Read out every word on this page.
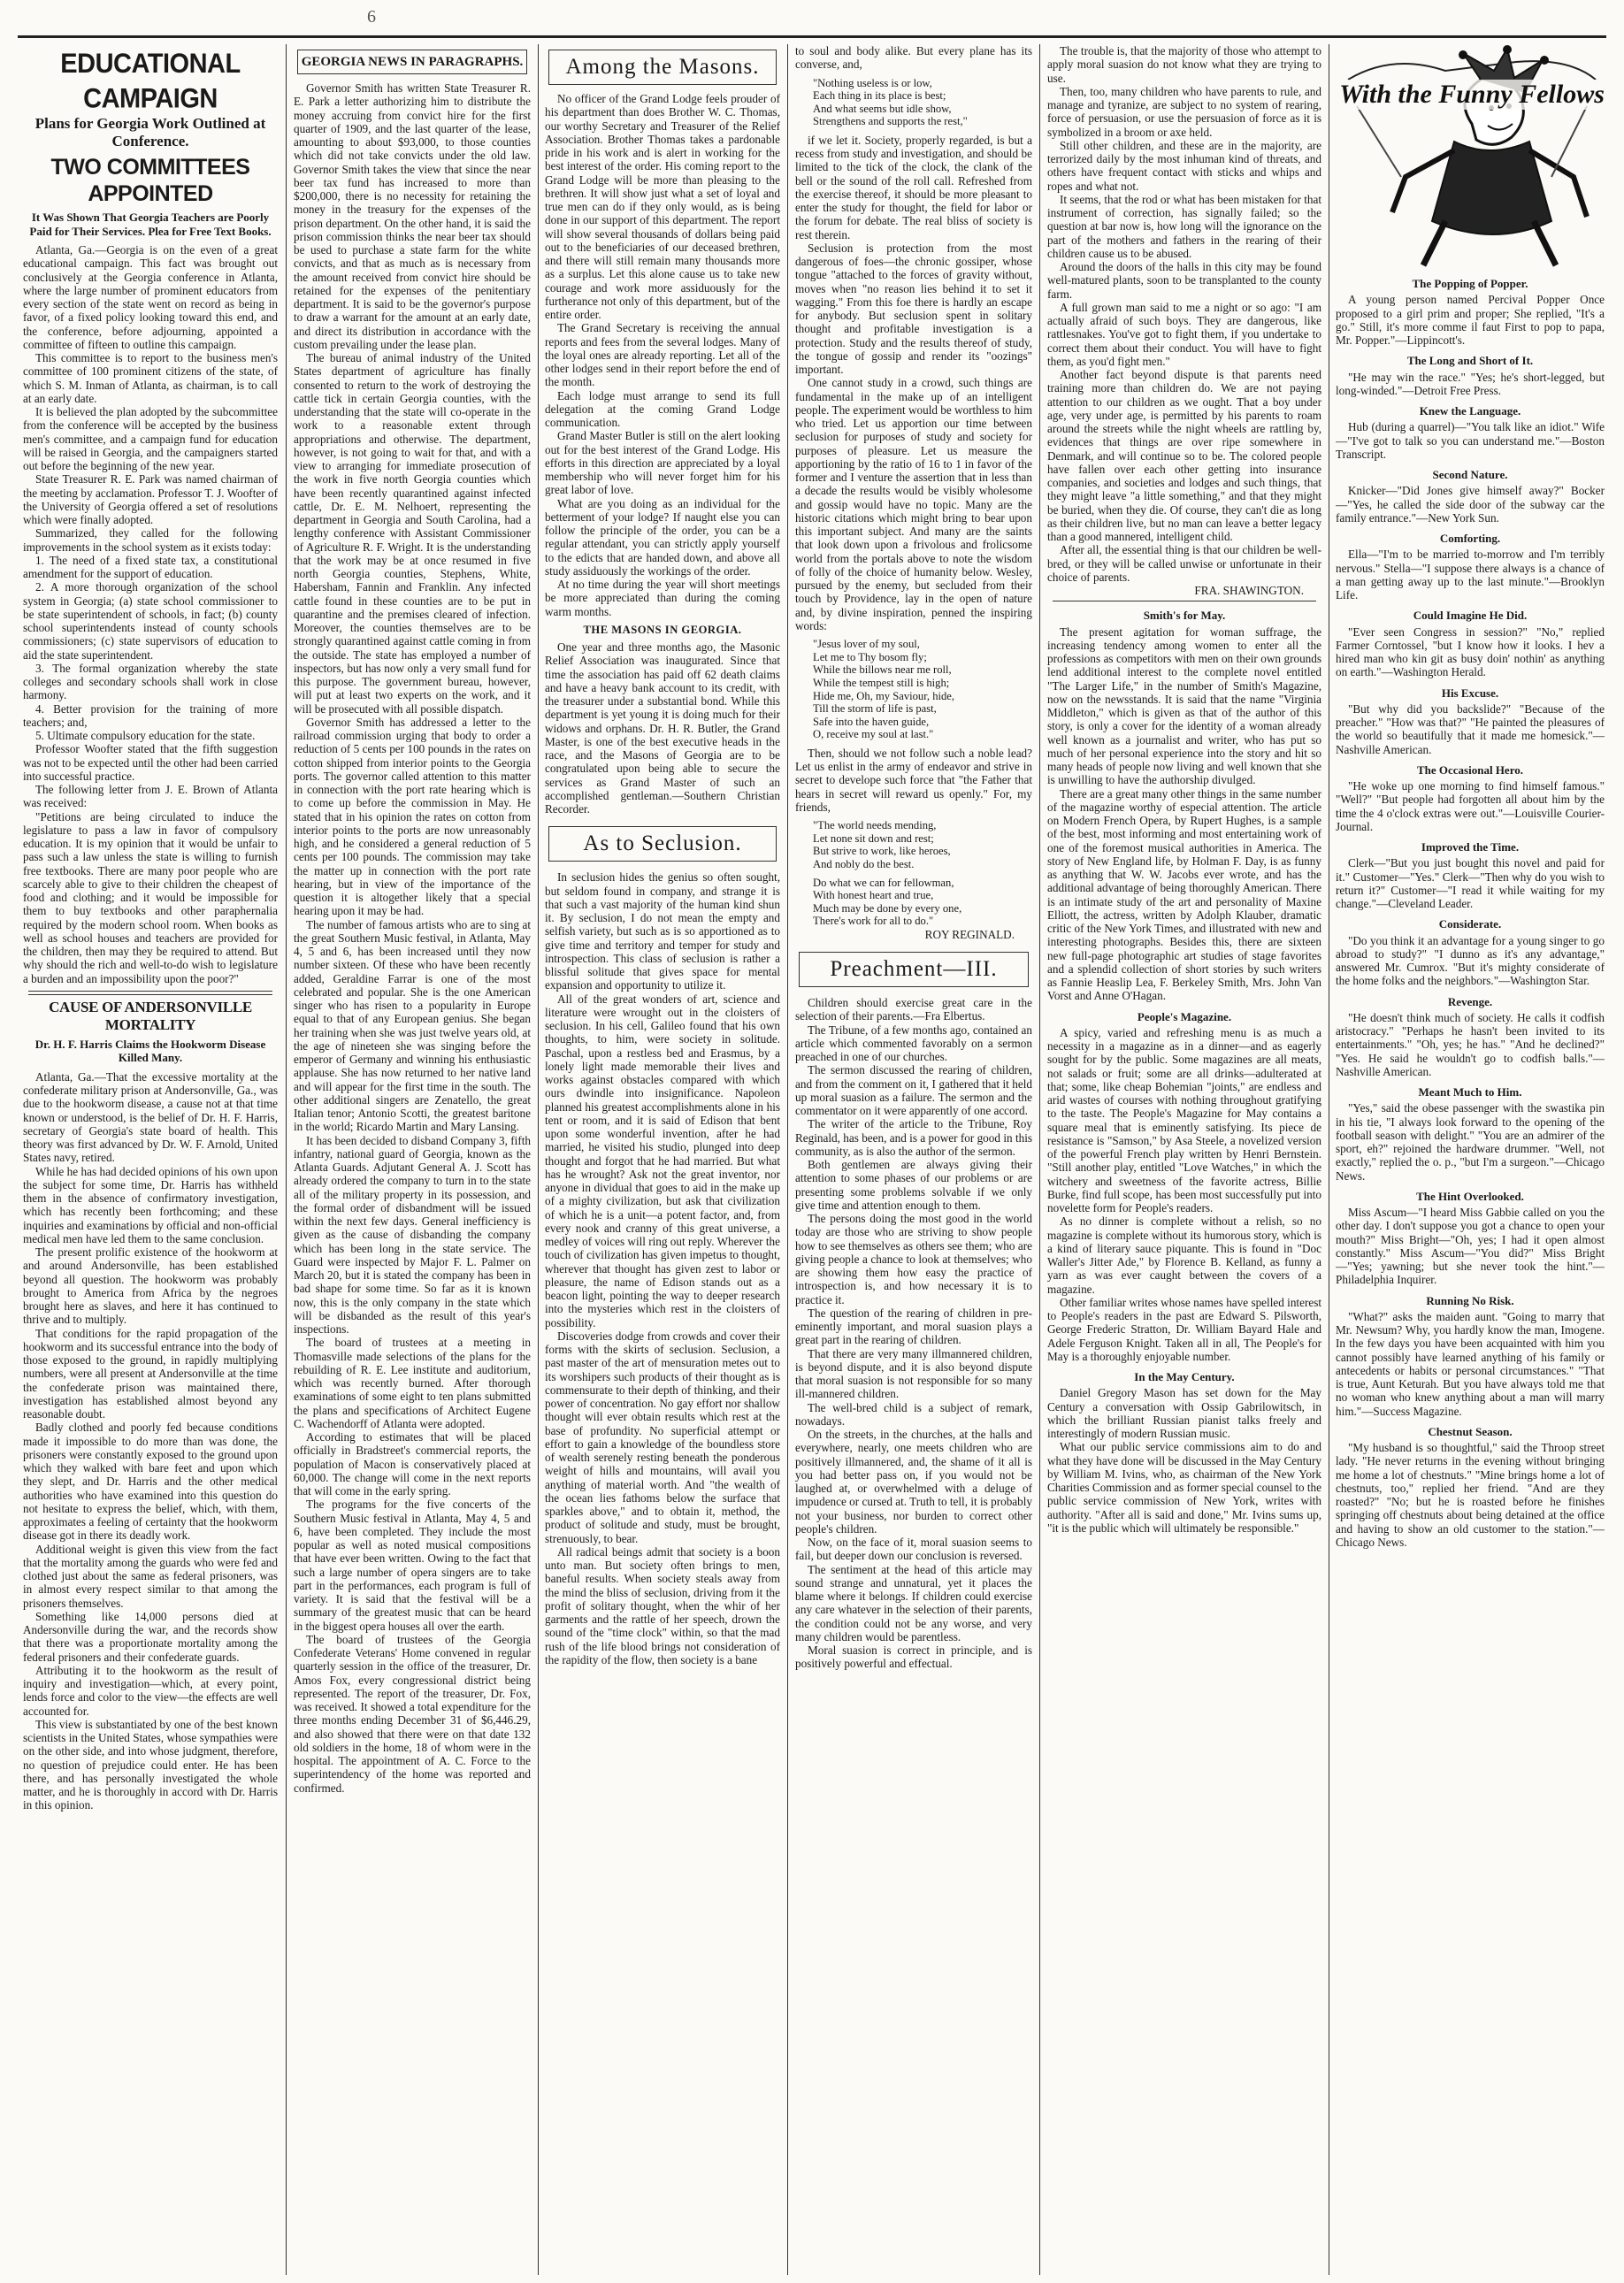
6
EDUCATIONAL CAMPAIGN
Plans for Georgia Work Outlined at Conference.
TWO COMMITTEES APPOINTED
It Was Shown That Georgia Teachers are Poorly Paid for Their Services. Plea for Free Text Books.

Atlanta, Ga.—Georgia is on the even of a great educational campaign. This fact was brought out conclusively at the Georgia conference in Atlanta, where the large number of prominent educators from every section of the state went on record as being in favor, of a fixed policy looking toward this end, and the conference, before adjourning, appointed a committee of fifteen to outline this campaign.

This committee is to report to the business men's committee of 100 prominent citizens of the state, of which S. M. Inman of Atlanta, as chairman, is to call at an early date.

It is believed the plan adopted by the subcommittee from the conference will be accepted by the business men's committee, and a campaign fund for education will be raised in Georgia, and the campaigners started out before the beginning of the new year.

State Treasurer R. E. Park was named chairman of the meeting by acclamation. Professor T. J. Woofter of the University of Georgia offered a set of resolutions which were finally adopted.

Summarized, they called for the following improvements in the school system as it exists today:

1. The need of a fixed state tax, a constitutional amendment for the support of education.

2. A more thorough organization of the school system in Georgia; (a) state school commissioner to be state superintendent of schools, in fact; (b) county school superintendents instead of county schools commissioners; (c) state supervisors of education to aid the state superintendent.

3. The formal organization whereby the state colleges and secondary schools shall work in close harmony.

4. Better provision for the training of more teachers; and,

5. Ultimate compulsory education for the state.

Professor Woofter stated that the fifth suggestion was not to be expected until the other had been carried into successful practice.

The following letter from J. E. Brown of Atlanta was received:

"Petitions are being circulated to induce the legislature to pass a law in favor of compulsory education. It is my opinion that it would be unfair to pass such a law unless the state is willing to furnish free textbooks. There are many poor people who are scarcely able to give to their children the cheapest of food and clothing; and it would be impossible for them to buy textbooks and other paraphernalia required by the modern school room. When books as well as school houses and teachers are provided for the children, then may they be required to attend. But why should the rich and well-to-do wish to legislature a burden and an impossibility upon the poor?"

CAUSE OF ANDERSONVILLE MORTALITY
Dr. H. F. Harris Claims the Hookworm Disease Killed Many.

Atlanta, Ga.—That the excessive mortality at the confederate military prison at Andersonville, Ga., was due to the hookworm disease, a cause not at that time known or understood, is the belief of Dr. H. F. Harris, secretary of Georgia's state board of health. This theory was first advanced by Dr. W. F. Arnold, United States navy, retired.

While he has had decided opinions of his own upon the subject for some time, Dr. Harris has withheld them in the absence of confirmatory investigation, which has recently been forthcoming; and these inquiries and examinations by official and non-official medical men have led them to the same conclusion.

The present prolific existence of the hookworm at and around Andersonville, has been established beyond all question. The hookworm was probably brought to America from Africa by the negroes brought here as slaves, and here it has continued to thrive and to multiply.

That conditions for the rapid propagation of the hookworm and its successful entrance into the body of those exposed to the ground, in rapidly multiplying numbers, were all present at Andersonville at the time the confederate prison was maintained there, investigation has established almost beyond any reasonable doubt.

Badly clothed and poorly fed because conditions made it impossible to do more than was done, the prisoners were constantly exposed to the ground upon which they walked with bare feet and upon which they slept, and Dr. Harris and the other medical authorities who have examined into this question do not hesitate to express the belief, which, with them, approximates a feeling of certainty that the hookworm disease got in there its deadly work.

Additional weight is given this view from the fact that the mortality among the guards who were fed and clothed just about the same as federal prisoners, was in almost every respect similar to that among the prisoners themselves.

Something like 14,000 persons died at Andersonville during the war, and the records show that there was a proportionate mortality among the federal prisoners and their confederate guards.

Attributing it to the hookworm as the result of inquiry and investigation—which, at every point, lends force and color to the view—the effects are well accounted for.

This view is substantiated by one of the best known scientists in the United States, whose sympathies were on the other side, and into whose judgment, therefore, no question of prejudice could enter. He has been there, and has personally investigated the whole matter, and he is thoroughly in accord with Dr. Harris in this opinion.

GEORGIA NEWS IN PARAGRAPHS.

Governor Smith has written State Treasurer R. E. Park a letter authorizing him to distribute the money accruing from convict hire for the first quarter of 1909, and the last quarter of the lease, amounting to about $93,000, to those counties which did not take convicts under the old law. Governor Smith takes the view that since the near beer tax fund has increased to more than $200,000, there is no necessity for retaining the money in the treasury for the expenses of the prison department. On the other hand, it is said the prison commission thinks the near beer tax should be used to purchase a state farm for the white convicts, and that as much as is necessary from the amount received from convict hire should be retained for the expenses of the penitentiary department. It is said to be the governor's purpose to draw a warrant for the amount at an early date, and direct its distribution in accordance with the custom prevailing under the lease plan.

The bureau of animal industry of the United States department of agriculture has finally consented to return to the work of destroying the cattle tick in certain Georgia counties, with the understanding that the state will co-operate in the work to a reasonable extent through appropriations and otherwise. The department, however, is not going to wait for that, and with a view to arranging for immediate prosecution of the work in five north Georgia counties which have been recently quarantined against infected cattle, Dr. E. M. Nelhoert, representing the department in Georgia and South Carolina, had a lengthy conference with Assistant Commissioner of Agriculture R. F. Wright. It is the understanding that the work may be at once resumed in five north Georgia counties, Stephens, White, Habersham, Fannin and Franklin. Any infected cattle found in these counties are to be put in quarantine and the premises cleared of infection. Moreover, the counties themselves are to be strongly quarantined against cattle coming in from the outside. The state has employed a number of inspectors, but has now only a very small fund for this purpose. The government bureau, however, will put at least two experts on the work, and it will be prosecuted with all possible dispatch.

Governor Smith has addressed a letter to the railroad commission urging that body to order a reduction of 5 cents per 100 pounds in the rates on cotton shipped from interior points to the Georgia ports. The governor called attention to this matter in connection with the port rate hearing which is to come up before the commission in May. He stated that in his opinion the rates on cotton from interior points to the ports are now unreasonably high, and he considered a general reduction of 5 cents per 100 pounds. The commission may take the matter up in connection with the port rate hearing, but in view of the importance of the question it is altogether likely that a special hearing upon it may be had.

The number of famous artists who are to sing at the great Southern Music festival, in Atlanta, May 4, 5 and 6, has been increased until they now number sixteen. Of these who have been recently added, Geraldine Farrar is one of the most celebrated and popular. She is the one American singer who has risen to a popularity in Europe equal to that of any European genius. She began her training when she was just twelve years old, at the age of nineteen she was singing before the emperor of Germany and winning his enthusiastic applause. She has now returned to her native land and will appear for the first time in the south. The other additional singers are Zenatello, the great Italian tenor; Antonio Scotti, the greatest baritone in the world; Ricardo Martin and Mary Lansing.

It has been decided to disband Company 3, fifth infantry, national guard of Georgia, known as the Atlanta Guards. Adjutant General A. J. Scott has already ordered the company to turn in to the state all of the military property in its possession, and the formal order of disbandment will be issued within the next few days. General inefficiency is given as the cause of disbanding the company which has been long in the state service. The Guard were inspected by Major F. L. Palmer on March 20, but it is stated the company has been in bad shape for some time. So far as it is known now, this is the only company in the state which will be disbanded as the result of this year's inspections.

The board of trustees at a meeting in Thomasville made selections of the plans for the rebuilding of R. E. Lee institute and auditorium, which was recently burned. After thorough examinations of some eight to ten plans submitted the plans and specifications of Architect Eugene C. Wachendorff of Atlanta were adopted.

According to estimates that will be placed officially in Bradstreet's commercial reports, the population of Macon is conservatively placed at 60,000. The change will come in the next reports that will come in the early spring.

The programs for the five concerts of the Southern Music festival in Atlanta, May 4, 5 and 6, have been completed. They include the most popular as well as noted musical compositions that have ever been written. Owing to the fact that such a large number of opera singers are to take part in the performances, each program is full of variety. It is said that the festival will be a summary of the greatest music that can be heard in the biggest opera houses all over the earth.

The board of trustees of the Georgia Confederate Veterans' Home convened in regular quarterly session in the office of the treasurer, Dr. Amos Fox, every congressional district being represented. The report of the treasurer, Dr. Fox, was received. It showed a total expenditure for the three months ending December 31 of $6,446.29, and also showed that there were on that date 132 old soldiers in the home, 18 of whom were in the hospital. The appointment of A. C. Force to the superintendency of the home was reported and confirmed.

Among the Masons.

No officer of the Grand Lodge feels prouder of his department than does Brother W. C. Thomas, our worthy Secretary and Treasurer of the Relief Association. Brother Thomas takes a pardonable pride in his work and is alert in working for the best interest of the order. His coming report to the Grand Lodge will be more than pleasing to the brethren. It will show just what a set of loyal and true men can do if they only would, as is being done in our support of this department. The report will show several thousands of dollars being paid out to the beneficiaries of our deceased brethren, and there will still remain many thousands more as a surplus. Let this alone cause us to take new courage and work more assiduously for the furtherance not only of this department, but of the entire order.

The Grand Secretary is receiving the annual reports and fees from the several lodges. Many of the loyal ones are already reporting. Let all of the other lodges send in their report before the end of the month.

Each lodge must arrange to send its full delegation at the coming Grand Lodge communication.

Grand Master Butler is still on the alert looking out for the best interest of the Grand Lodge. His efforts in this direction are appreciated by a loyal membership who will never forget him for his great labor of love.

What are you doing as an individual for the betterment of your lodge? If naught else you can follow the principle of the order, you can be a regular attendant, you can strictly apply yourself to the edicts that are handed down, and above all study assiduously the workings of the order.

At no time during the year will short meetings be more appreciated than during the coming warm months.

THE MASONS IN GEORGIA.

One year and three months ago, the Masonic Relief Association was inaugurated. Since that time the association has paid off 62 death claims and have a heavy bank account to its credit, with the treasurer under a substantial bond. While this department is yet young it is doing much for their widows and orphans. Dr. H. R. Butler, the Grand Master, is one of the best executive heads in the race, and the Masons of Georgia are to be congratulated upon being able to secure the services as Grand Master of such an accomplished gentleman.—Southern Christian Recorder.

As to Seclusion.

In seclusion hides the genius so often sought, but seldom found in company, and strange it is that such a vast majority of the human kind shun it. By seclusion, I do not mean the empty and selfish variety, but such as is so apportioned as to give time and territory and temper for study and introspection. This class of seclusion is rather a blissful solitude that gives space for mental expansion and opportunity to utilize it.

All of the great wonders of art, science and literature were wrought out in the cloisters of seclusion. In his cell, Galileo found that his own thoughts, to him, were society in solitude. Paschal, upon a restless bed and Erasmus, by a lonely light made memorable their lives and works against obstacles compared with which ours dwindle into insignificance. Napoleon planned his greatest accomplishments alone in his tent or room, and it is said of Edison that bent upon some wonderful invention, after he had married, he visited his studio, plunged into deep thought and forgot that he had married. But what has he wrought? Ask not the great inventor, nor anyone in dividual that goes to aid in the make up of a mighty civilization, but ask that civilization of which he is a unit—a potent factor, and, from every nook and cranny of this great universe, a medley of voices will ring out reply. Wherever the touch of civilization has given impetus to thought, wherever that thought has given zest to labor or pleasure, the name of Edison stands out as a beacon light, pointing the way to deeper research into the mysteries which rest in the cloisters of possibility.

Discoveries dodge from crowds and cover their forms with the skirts of seclusion. Seclusion, a past master of the art of mensuration metes out to its worshipers such products of their thought as is commensurate to their depth of thinking, and their power of concentration. No gay effort nor shallow thought will ever obtain results which rest at the base of profundity. No superficial attempt or effort to gain a knowledge of the boundless store of wealth serenely resting beneath the ponderous weight of hills and mountains, will avail you anything of material worth. And "the wealth of the ocean lies fathoms below the surface that sparkles above," and to obtain it, method, the product of solitude and study, must be brought, strenuously, to bear.

All radical beings admit that society is a boon unto man. But society often brings to men, baneful results. When society steals away from the mind the bliss of seclusion, driving from it the profit of solitary thought, when the whir of her garments and the rattle of her speech, drown the sound of the "time clock" within, so that the mad rush of the life blood brings not consideration of the rapidity of the flow, then society is a bane

to soul and body alike. But every plane has its converse, and,

"Nothing useless is or low,

Each thing in its place is best;

And what seems but idle show,

Strengthens and supports the rest,"

if we let it. Society, properly regarded, is but a recess from study and investigation, and should be limited to the tick of the clock, the clank of the bell or the sound of the roll call. Refreshed from the exercise thereof, it should be more pleasant to enter the study for thought, the field for labor or the forum for debate. The real bliss of society is rest therein.

Seclusion is protection from the most dangerous of foes—the chronic gossiper, whose tongue "attached to the forces of gravity without, moves when "no reason lies behind it to set it wagging." From this foe there is hardly an escape for anybody. But seclusion spent in solitary thought and profitable investigation is a protection. Study and the results thereof of study, the tongue of gossip and render its "oozings" important.

One cannot study in a crowd, such things are fundamental in the make up of an intelligent people. The experiment would be worthless to him who tried. Let us apportion our time between seclusion for purposes of study and society for purposes of pleasure. Let us measure the apportioning by the ratio of 16 to 1 in favor of the former and I venture the assertion that in less than a decade the results would be visibly wholesome and gossip would have no topic. Many are the historic citations which might bring to bear upon this important subject. And many are the saints that look down upon a frivolous and frolicsome world from the portals above to note the wisdom of folly of the choice of humanity below. Wesley, pursued by the enemy, but secluded from their touch by Providence, lay in the open of nature and, by divine inspiration, penned the inspiring words:

"Jesus lover of my soul,

Let me to Thy bosom fly;

While the billows near me roll,

While the tempest still is high;

Hide me, Oh, my Saviour, hide,

Till the storm of life is past,

Safe into the haven guide,

O, receive my soul at last."

Then, should we not follow such a noble lead? Let us enlist in the army of endeavor and strive in secret to develope such force that "the Father that hears in secret will reward us openly." For, my friends,

"The world needs mending,

Let none sit down and rest;

But strive to work, like heroes,

And nobly do the best.

Do what we can for fellowman,

With honest heart and true,

Much may be done by every one,

There's work for all to do."

ROY REGINALD.

Preachment—III.

Children should exercise great care in the selection of their parents.—Fra Elbertus.

The Tribune, of a few months ago, contained an article which commented favorably on a sermon preached in one of our churches.

The sermon discussed the rearing of children, and from the comment on it, I gathered that it held up moral suasion as a failure. The sermon and the commentator on it were apparently of one accord.

The writer of the article to the Tribune, Roy Reginald, has been, and is a power for good in this community, as is also the author of the sermon.

Both gentlemen are always giving their attention to some phases of our problems or are presenting some problems solvable if we only give time and attention enough to them.

The persons doing the most good in the world today are those who are striving to show people how to see themselves as others see them; who are giving people a chance to look at themselves; who are showing them how easy the practice of introspection is, and how necessary it is to practice it.

The question of the rearing of children in pre-eminently important, and moral suasion plays a great part in the rearing of children.

That there are very many illmannered children, is beyond dispute, and it is also beyond dispute that moral suasion is not responsible for so many ill-mannered children.

The well-bred child is a subject of remark, nowadays.

On the streets, in the churches, at the halls and everywhere, nearly, one meets children who are positively illmannered, and, the shame of it all is you had better pass on, if you would not be laughed at, or overwhelmed with a deluge of impudence or cursed at. Truth to tell, it is probably not your business, nor burden to correct other people's children.

Now, on the face of it, moral suasion seems to fail, but deeper down our conclusion is reversed.

The sentiment at the head of this article may sound strange and unnatural, yet it places the blame where it belongs. If children could exercise any care whatever in the selection of their parents, the condition could not be any worse, and very many children would be parentless.

Moral suasion is correct in principle, and is positively powerful and effectual.

The trouble is, that the majority of those who attempt to apply moral suasion do not know what they are trying to use.

Then, too, many children who have parents to rule, and manage and tyranize, are subject to no system of rearing, force of persuasion, or use the persuasion of force as it is symbolized in a broom or axe held.

Still other children, and these are in the majority, are terrorized daily by the most inhuman kind of threats, and others have frequent contact with sticks and whips and ropes and what not.

It seems, that the rod or what has been mistaken for that instrument of correction, has signally failed; so the question at bar now is, how long will the ignorance on the part of the mothers and fathers in the rearing of their children cause us to be abused.

Around the doors of the halls in this city may be found well-matured plants, soon to be transplanted to the county farm.

A full grown man said to me a night or so ago: "I am actually afraid of such boys. They are dangerous, like rattlesnakes. You've got to fight them, if you undertake to correct them about their conduct. You will have to fight them, as you'd fight men."

Another fact beyond dispute is that parents need training more than children do. We are not paying attention to our children as we ought. That a boy under age, very under age, is permitted by his parents to roam around the streets while the night wheels are rattling by, evidences that things are over ripe somewhere in Denmark, and will continue so to be. The colored people have fallen over each other getting into insurance companies, and societies and lodges and such things, that they might leave "a little something," and that they might be buried, when they die. Of course, they can't die as long as their children live, but no man can leave a better legacy than a good mannered, intelligent child.

After all, the essential thing is that our children be well-bred, or they will be called unwise or unfortunate in their choice of parents.

FRA. SHAWINGTON.

Smith's for May.

The present agitation for woman suffrage, the increasing tendency among women to enter all the professions as competitors with men on their own grounds lend additional interest to the complete novel entitled "The Larger Life," in the number of Smith's Magazine, now on the newsstands. It is said that the name "Virginia Middleton," which is given as that of the author of this story, is only a cover for the identity of a woman already well known as a journalist and writer, who has put so much of her personal experience into the story and hit so many heads of people now living and well known that she is unwilling to have the authorship divulged.

There are a great many other things in the same number of the magazine worthy of especial attention. The article on Modern French Opera, by Rupert Hughes, is a sample of the best, most informing and most entertaining work of one of the foremost musical authorities in America. The story of New England life, by Holman F. Day, is as funny as anything that W. W. Jacobs ever wrote, and has the additional advantage of being thoroughly American. There is an intimate study of the art and personality of Maxine Elliott, the actress, written by Adolph Klauber, dramatic critic of the New York Times, and illustrated with new and interesting photographs. Besides this, there are sixteen new full-page photographic art studies of stage favorites and a splendid collection of short stories by such writers as Fannie Heaslip Lea, F. Berkeley Smith, Mrs. John Van Vorst and Anne O'Hagan.

People's Magazine.

A spicy, varied and refreshing menu is as much a necessity in a magazine as in a dinner—and as eagerly sought for by the public. Some magazines are all meats, not salads or fruit; some are all drinks—adulterated at that; some, like cheap Bohemian "joints," are endless and arid wastes of courses with nothing throughout gratifying to the taste. The People's Magazine for May contains a square meal that is eminently satisfying. Its piece de resistance is "Samson," by Asa Steele, a novelized version of the powerful French play written by Henri Bernstein. "Still another play, entitled "Love Watches," in which the witchery and sweetness of the favorite actress, Billie Burke, find full scope, has been most successfully put into novelette form for People's readers.

As no dinner is complete without a relish, so no magazine is complete without its humorous story, which is a kind of literary sauce piquante. This is found in "Doc Waller's Jitter Ade," by Florence B. Kelland, as funny a yarn as was ever caught between the covers of a magazine.

Other familiar writes whose names have spelled interest to People's readers in the past are Edward S. Pilsworth, George Frederic Stratton, Dr. William Bayard Hale and Adele Ferguson Knight. Taken all in all, The People's for May is a thoroughly enjoyable number.

In the May Century.

Daniel Gregory Mason has set down for the May Century a conversation with Ossip Gabrilowitsch, in which the brilliant Russian pianist talks freely and interestingly of modern Russian music.

What our public service commissions aim to do and what they have done will be discussed in the May Century by William M. Ivins, who, as chairman of the New York Charities Commission and as former special counsel to the public service commission of New York, writes with authority. "After all is said and done," Mr. Ivins sums up, "it is the public which will ultimately be responsible."

With the Funny Fellows
The Popping of Popper.

A young person named Percival Popper Once proposed to a girl prim and proper; She replied, "It's a go." Still, it's more comme il faut First to pop to papa, Mr. Popper."—Lippincott's.

The Long and Short of It.

"He may win the race." "Yes; he's short-legged, but long-winded."—Detroit Free Press.

Knew the Language.

Hub (during a quarrel)—"You talk like an idiot." Wife—"I've got to talk so you can understand me."—Boston Transcript.

Second Nature.

Knicker—"Did Jones give himself away?" Bocker—"Yes, he called the side door of the subway car the family entrance."—New York Sun.

Comforting.

Ella—"I'm to be married to-morrow and I'm terribly nervous." Stella—"I suppose there always is a chance of a man getting away up to the last minute."—Brooklyn Life.

Could Imagine He Did.

"Ever seen Congress in session?" "No," replied Farmer Corntossel, "but I know how it looks. I hev a hired man who kin git as busy doin' nothin' as anything on earth."—Washington Herald.

His Excuse.

"But why did you backslide?" "Because of the preacher." "How was that?" "He painted the pleasures of the world so beautifully that it made me homesick."—Nashville American.

The Occasional Hero.

"He woke up one morning to find himself famous." "Well?" "But people had forgotten all about him by the time the 4 o'clock extras were out."—Louisville Courier-Journal.

Improved the Time.

Clerk—"But you just bought this novel and paid for it." Customer—"Yes." Clerk—"Then why do you wish to return it?" Customer—"I read it while waiting for my change."—Cleveland Leader.

Considerate.

"Do you think it an advantage for a young singer to go abroad to study?" "I dunno as it's any advantage," answered Mr. Cumrox. "But it's mighty considerate of the home folks and the neighbors."—Washington Star.

Revenge.

"He doesn't think much of society. He calls it codfish aristocracy." "Perhaps he hasn't been invited to its entertainments." "Oh, yes; he has." "And he declined?" "Yes. He said he wouldn't go to codfish balls."—Nashville American.

Meant Much to Him.

"Yes," said the obese passenger with the swastika pin in his tie, "I always look forward to the opening of the football season with delight." "You are an admirer of the sport, eh?" rejoined the hardware drummer. "Well, not exactly," replied the o. p., "but I'm a surgeon."—Chicago News.

The Hint Overlooked.

Miss Ascum—"I heard Miss Gabbie called on you the other day. I don't suppose you got a chance to open your mouth?" Miss Bright—"Oh, yes; I had it open almost constantly." Miss Ascum—"You did?" Miss Bright—"Yes; yawning; but she never took the hint."—Philadelphia Inquirer.

Running No Risk.

"What?" asks the maiden aunt. "Going to marry that Mr. Newsum? Why, you hardly know the man, Imogene. In the few days you have been acquainted with him you cannot possibly have learned anything of his family or antecedents or habits or personal circumstances." "That is true, Aunt Keturah. But you have always told me that no woman who knew anything about a man will marry him."—Success Magazine.

Chestnut Season.

"My husband is so thoughtful," said the Throop street lady. "He never returns in the evening without bringing me home a lot of chestnuts." "Mine brings home a lot of chestnuts, too," replied her friend. "And are they roasted?" "No; but he is roasted before he finishes springing off chestnuts about being detained at the office and having to show an old customer to the station."—Chicago News.
